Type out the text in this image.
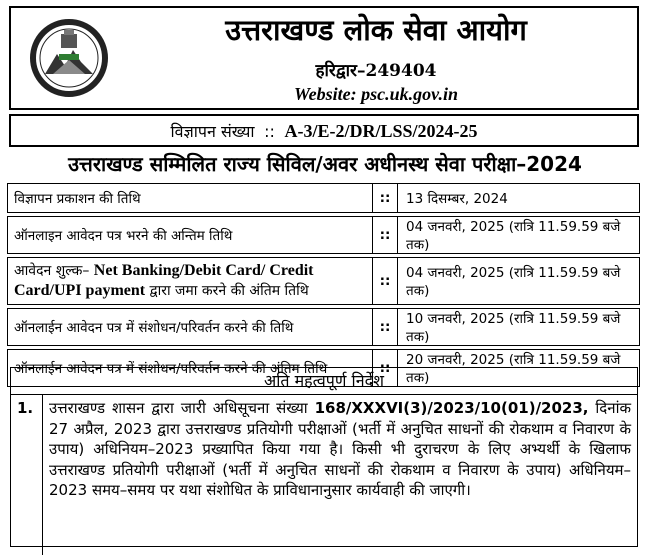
उत्तराखण्ड लोक सेवा आयोग
हरिद्वार–249404
Website: psc.uk.gov.in
विज्ञापन संख्या :: A-3/E-2/DR/LSS/2024-25
उत्तराखण्ड सम्मिलित राज्य सिविल/अवर अधीनस्थ सेवा परीक्षा–2024
विज्ञापन प्रकाशन की तिथि	::	13 दिसम्बर, 2024
ऑनलाइन आवेदन पत्र भरने की अन्तिम तिथि	::	04 जनवरी, 2025 (रात्रि 11.59.59 बजे तक)

आवेदन शुल्क– Net Banking/Debit Card/ Credit
Card/UPI payment द्वारा जमा करने की अंतिम तिथि	::	04 जनवरी, 2025 (रात्रि 11.59.59 बजे तक)
ऑनलाईन आवेदन पत्र में संशोधन/परिवर्तन करने की तिथि	::	10 जनवरी, 2025 (रात्रि 11.59.59 बजे तक)
ऑनलाईन आवेदन पत्र में संशोधन/परिवर्तन करने की अंतिम तिथि	::	20 जनवरी, 2025 (रात्रि 11.59.59 बजे तक)
अति महत्वपूर्ण निर्देश
1.	उत्तराखण्ड शासन द्वारा जारी अधिसूचना संख्या 168/XXXVI(3)/2023/10(01)/2023, दिनांक 27 अप्रैल, 2023 द्वारा उत्तराखण्ड प्रतियोगी परीक्षाओं (भर्ती में अनुचित साधनों की रोकथाम व निवारण के उपाय) अधिनियम–2023 प्रख्यापित किया गया है। किसी भी दुराचरण के लिए अभ्यर्थी के खिलाफ उत्तराखण्ड प्रतियोगी परीक्षाओं (भर्ती में अनुचित साधनों की रोकथाम व निवारण के उपाय) अधिनियम–2023 समय–समय पर यथा संशोधित के प्राविधानानुसार कार्यवाही की जाएगी।
